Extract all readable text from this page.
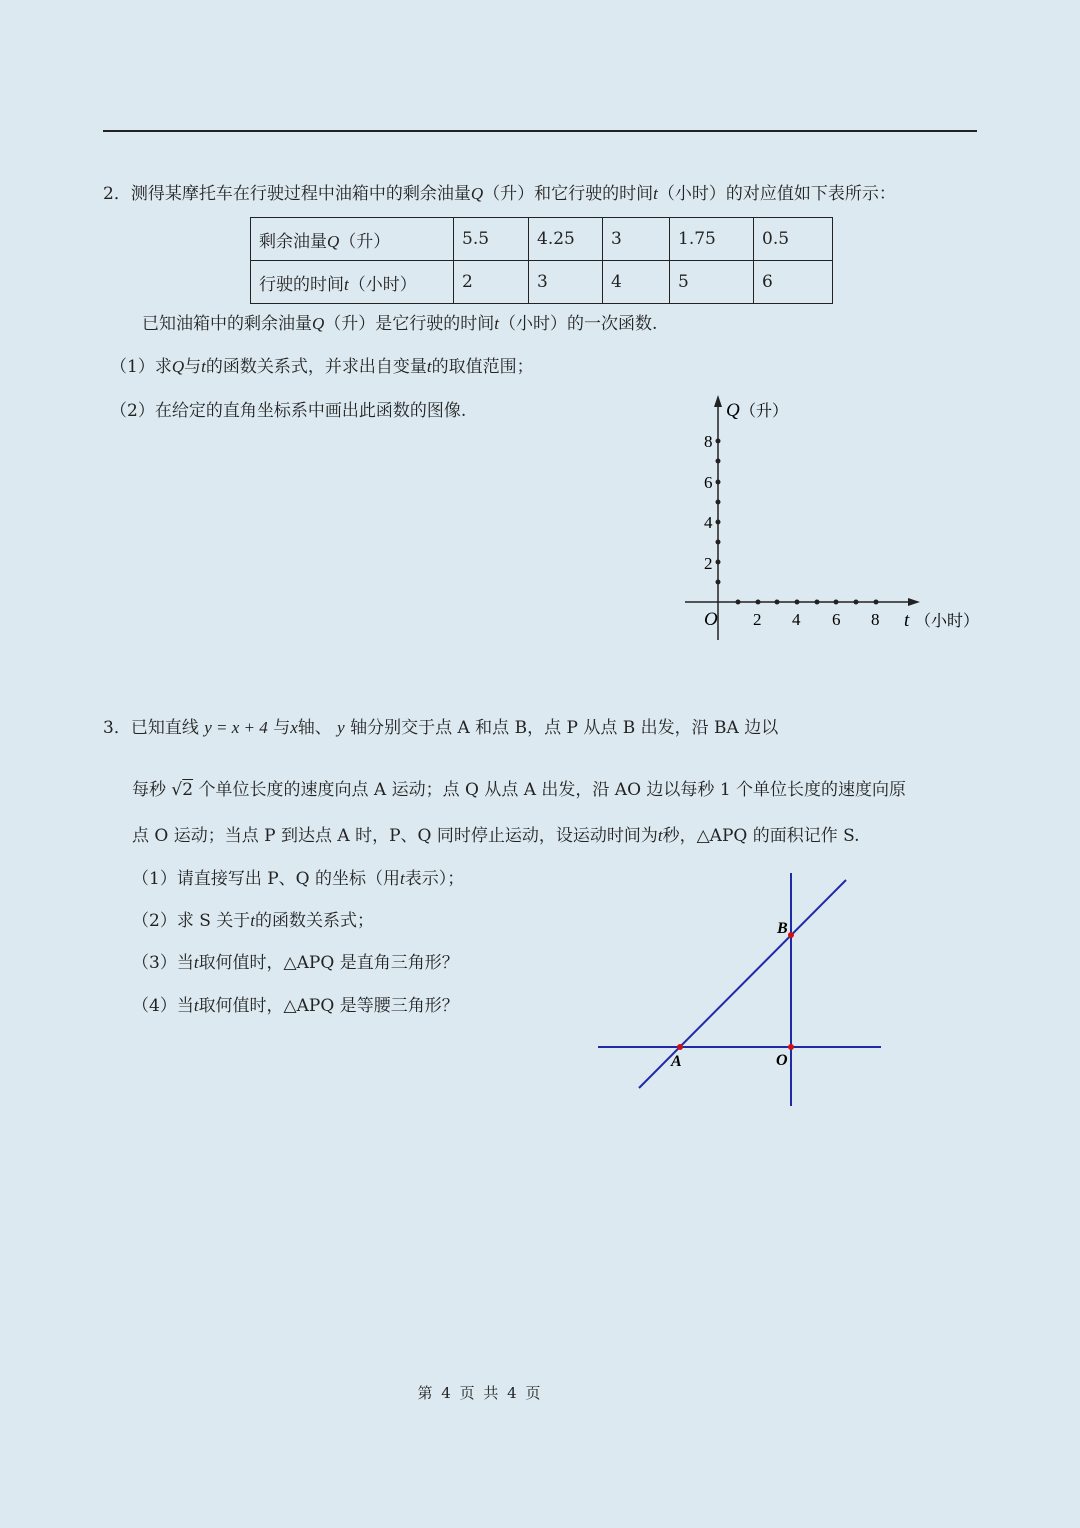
2．测得某摩托车在行驶过程中油箱中的剩余油量Q（升）和它行驶的时间t（小时）的对应值如下表所示：
剩余油量Q（升）	5.5	4.25	3	1.75	0.5
行驶的时间t（小时）	2	3	4	5	6
已知油箱中的剩余油量Q（升）是它行驶的时间t（小时）的一次函数.
（1）求Q与t的函数关系式，并求出自变量t的取值范围；
（2）在给定的直角坐标系中画出此函数的图像.
8
6
4
2
2 4 6 8
O
Q （升）
t （小时）
3．已知直线 y = x + 4 与x轴、 y 轴分别交于点 A 和点 B，点 P 从点 B 出发，沿 BA 边以
每秒 √2 个单位长度的速度向点 A 运动；点 Q 从点 A 出发，沿 AO 边以每秒 1 个单位长度的速度向原
点 O 运动；当点 P 到达点 A 时，P、Q 同时停止运动，设运动时间为t秒，△APQ 的面积记作 S.
（1）请直接写出 P、Q 的坐标（用t表示）；
（2）求 S 关于t的函数关系式；
（3）当t取何值时，△APQ 是直角三角形？
（4）当t取何值时，△APQ 是等腰三角形？
A
B
O
第 4 页 共 4 页
